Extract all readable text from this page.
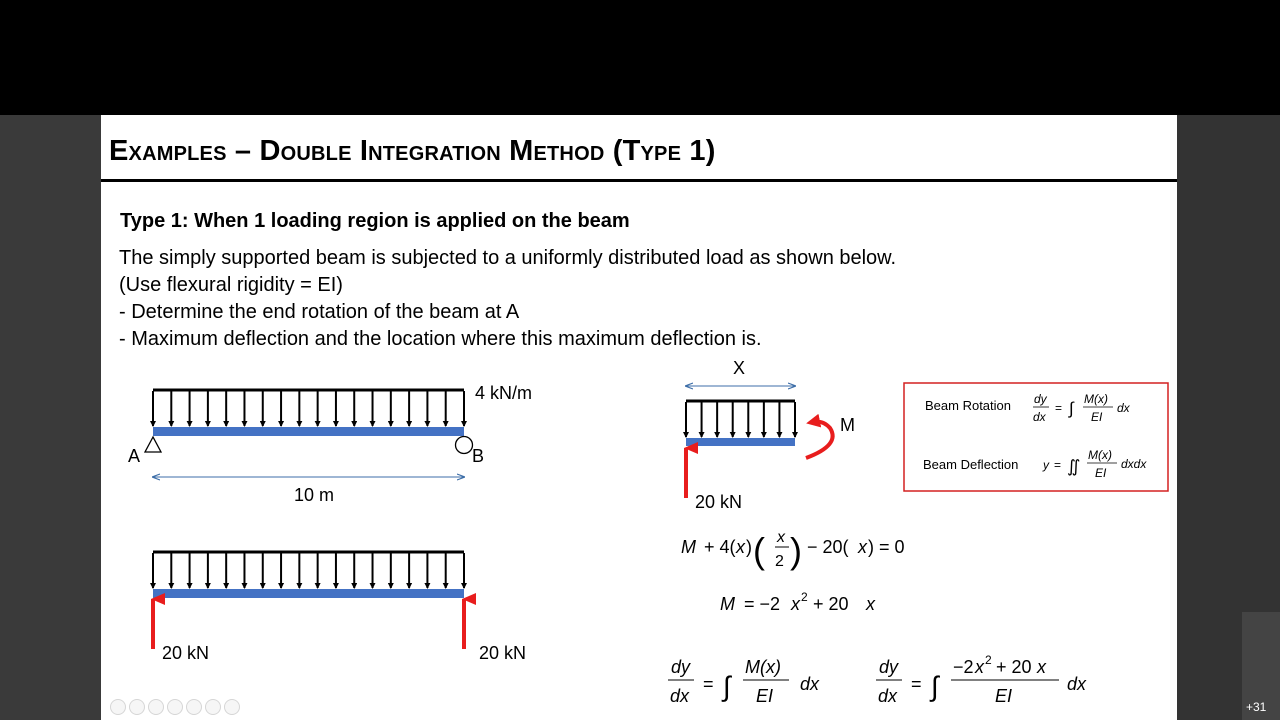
+31
Examples – Double Integration Method (Type 1)

Type 1: When 1 loading region is applied on the beam

The simply supported beam is subjected to a uniformly distributed load as shown below.

(Use flexural rigidity = EI)

- Determine the end rotation of the beam at A

- Maximum deflection and the location where this maximum deflection is.

4 kN/m
A	B
10 m
20 kN	20 kN
X
20 kN
M
Beam Rotation dy
dx
= ∫ M(x)
EI
dx
Beam Deflection y = ∬
M(x)
EI
dxdx
M + 4( x ) ( x
2 ) − 20( x ) = 0
M = −2 x 2 + 20 x
dy
dx
= ∫
M(x)
EI
dx
dy
dx
= ∫
−2 x 2 + 20 x
EI
dx
